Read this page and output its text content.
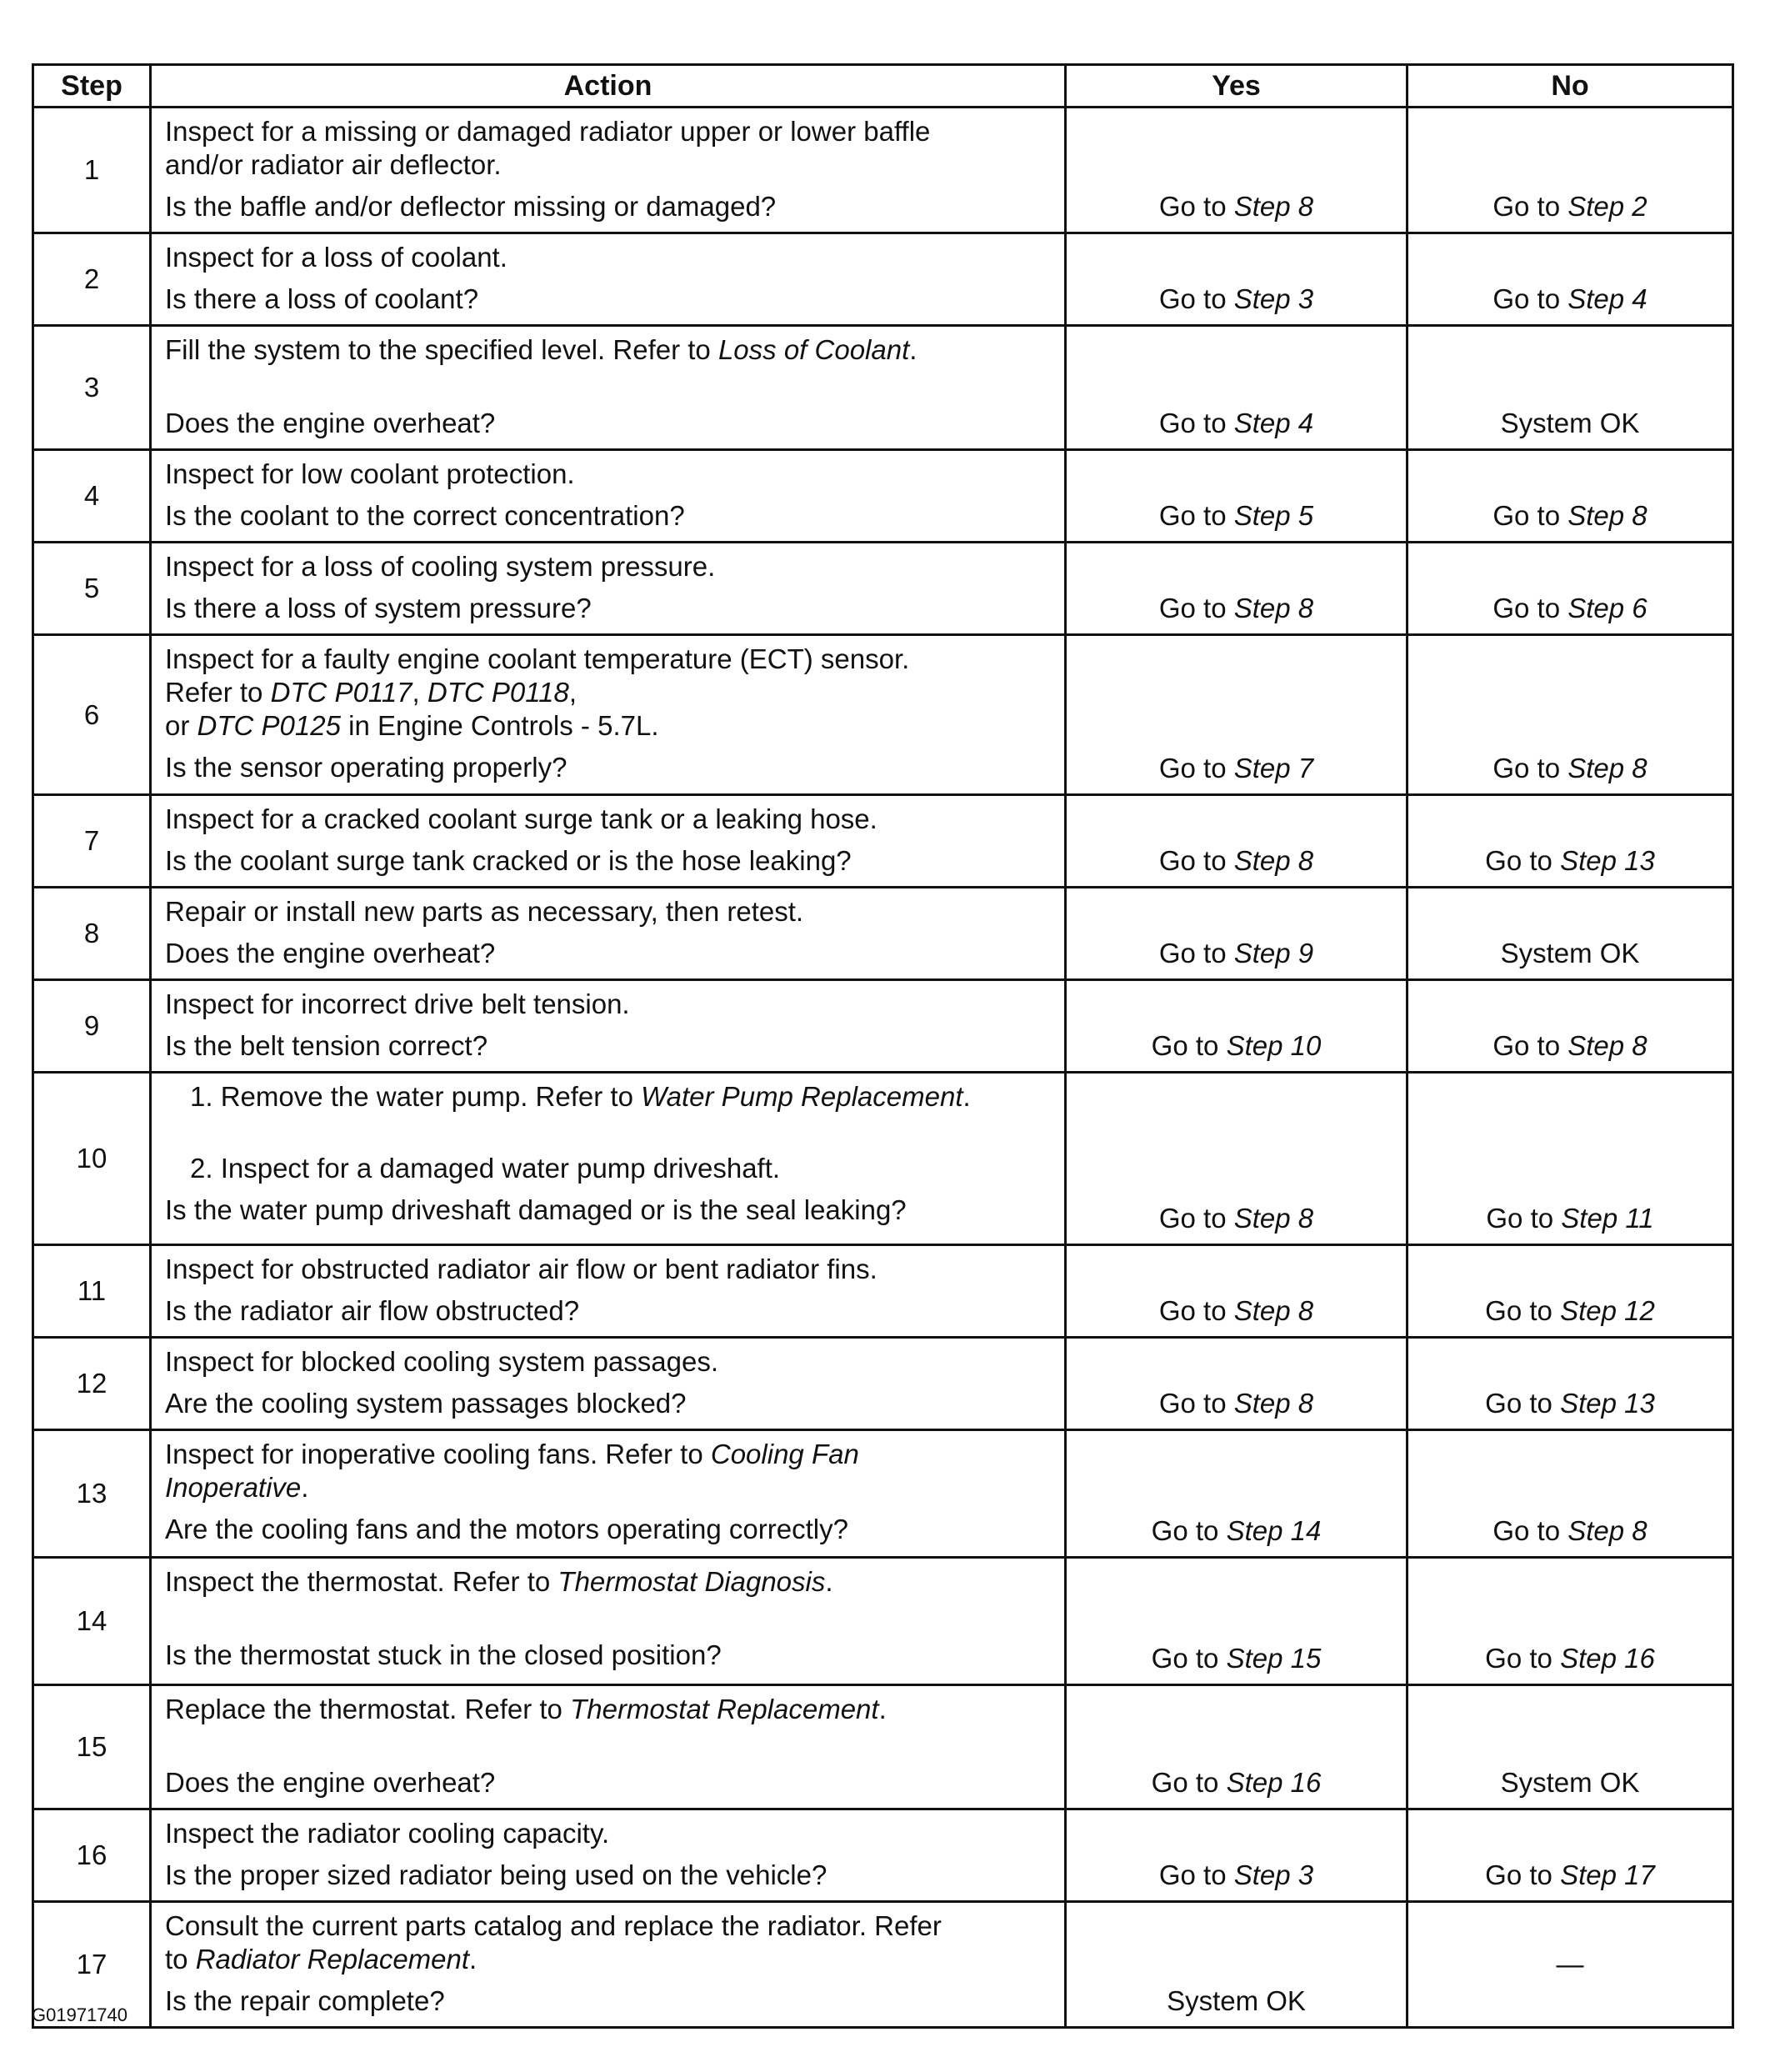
Step	Action	Yes	No
1	Inspect for a missing or damaged radiator upper or lower baffle
and/or radiator air deflector.
Is the baffle and/or deflector missing or damaged?	Go to Step 8	Go to Step 2
2	Inspect for a loss of coolant.
Is there a loss of coolant?	Go to Step 3	Go to Step 4
3	Fill the system to the specified level. Refer to Loss of Coolant.
Does the engine overheat?	Go to Step 4	System OK
4	Inspect for low coolant protection.
Is the coolant to the correct concentration?	Go to Step 5	Go to Step 8
5	Inspect for a loss of cooling system pressure.
Is there a loss of system pressure?	Go to Step 8	Go to Step 6
6	Inspect for a faulty engine coolant temperature (ECT) sensor.
Refer to DTC P0117, DTC P0118,
or DTC P0125 in Engine Controls - 5.7L.
Is the sensor operating properly?	Go to Step 7	Go to Step 8
7	Inspect for a cracked coolant surge tank or a leaking hose.
Is the coolant surge tank cracked or is the hose leaking?	Go to Step 8	Go to Step 13
8	Repair or install new parts as necessary, then retest.
Does the engine overheat?	Go to Step 9	System OK
9	Inspect for incorrect drive belt tension.
Is the belt tension correct?	Go to Step 10	Go to Step 8
10	1. Remove the water pump. Refer to Water Pump Replacement.
2. Inspect for a damaged water pump driveshaft.
Is the water pump driveshaft damaged or is the seal leaking?	Go to Step 8	Go to Step 11
11	Inspect for obstructed radiator air flow or bent radiator fins.
Is the radiator air flow obstructed?	Go to Step 8	Go to Step 12
12	Inspect for blocked cooling system passages.
Are the cooling system passages blocked?	Go to Step 8	Go to Step 13
13	Inspect for inoperative cooling fans. Refer to Cooling Fan
Inoperative.
Are the cooling fans and the motors operating correctly?	Go to Step 14	Go to Step 8
14	Inspect the thermostat. Refer to Thermostat Diagnosis.
Is the thermostat stuck in the closed position?	Go to Step 15	Go to Step 16
15	Replace the thermostat. Refer to Thermostat Replacement.
Does the engine overheat?	Go to Step 16	System OK
16	Inspect the radiator cooling capacity.
Is the proper sized radiator being used on the vehicle?	Go to Step 3	Go to Step 17
17	Consult the current parts catalog and replace the radiator. Refer
to Radiator Replacement.
Is the repair complete?	System OK	—
G01971740
